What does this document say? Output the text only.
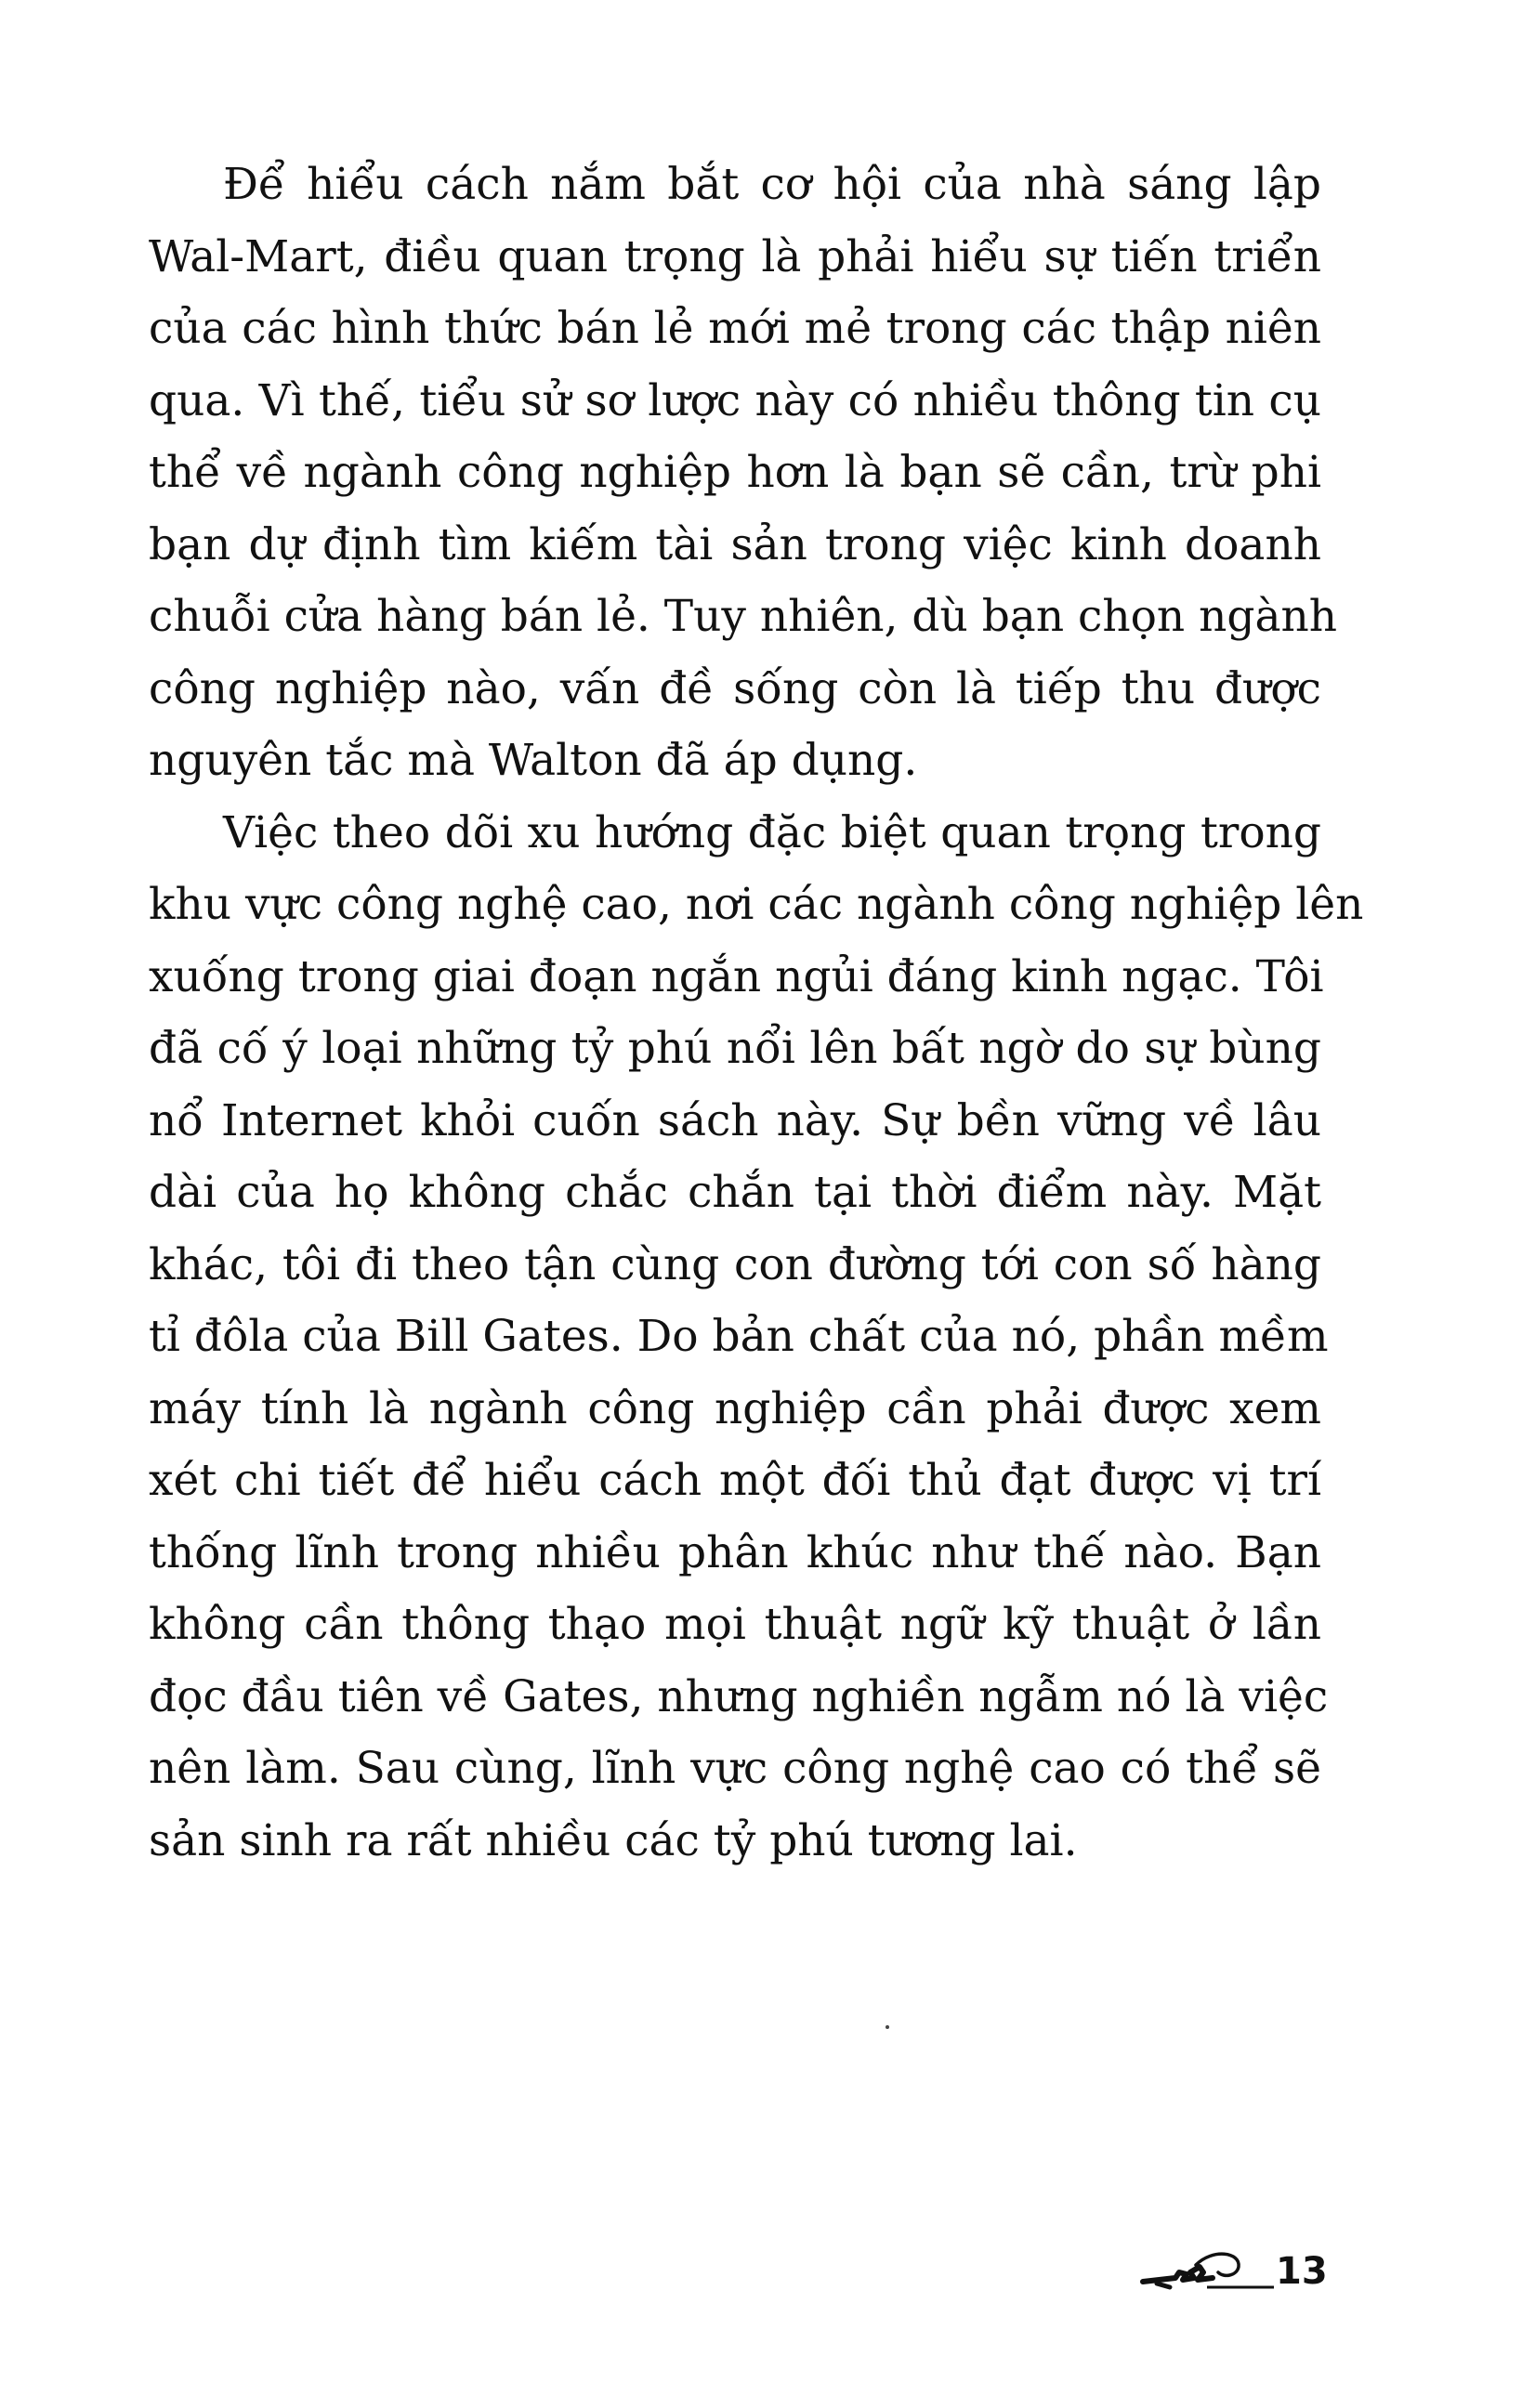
Để hiểu cách nắm bắt cơ hội của nhà sáng lập
Wal-Mart, điều quan trọng là phải hiểu sự tiến triển
của các hình thức bán lẻ mới mẻ trong các thập niên
qua. Vì thế, tiểu sử sơ lược này có nhiều thông tin cụ
thể về ngành công nghiệp hơn là bạn sẽ cần, trừ phi
bạn dự định tìm kiếm tài sản trong việc kinh doanh
chuỗi cửa hàng bán lẻ. Tuy nhiên, dù bạn chọn ngành
công nghiệp nào, vấn đề sống còn là tiếp thu được
nguyên tắc mà Walton đã áp dụng.
Việc theo dõi xu hướng đặc biệt quan trọng trong
khu vực công nghệ cao, nơi các ngành công nghiệp lên
xuống trong giai đoạn ngắn ngủi đáng kinh ngạc. Tôi
đã cố ý loại những tỷ phú nổi lên bất ngờ do sự bùng
nổ Internet khỏi cuốn sách này. Sự bền vững về lâu
dài của họ không chắc chắn tại thời điểm này. Mặt
khác, tôi đi theo tận cùng con đường tới con số hàng
tỉ đôla của Bill Gates. Do bản chất của nó, phần mềm
máy tính là ngành công nghiệp cần phải được xem
xét chi tiết để hiểu cách một đối thủ đạt được vị trí
thống lĩnh trong nhiều phân khúc như thế nào. Bạn
không cần thông thạo mọi thuật ngữ kỹ thuật ở lần
đọc đầu tiên về Gates, nhưng nghiền ngẫm nó là việc
nên làm. Sau cùng, lĩnh vực công nghệ cao có thể sẽ
sản sinh ra rất nhiều các tỷ phú tương lai.
13
